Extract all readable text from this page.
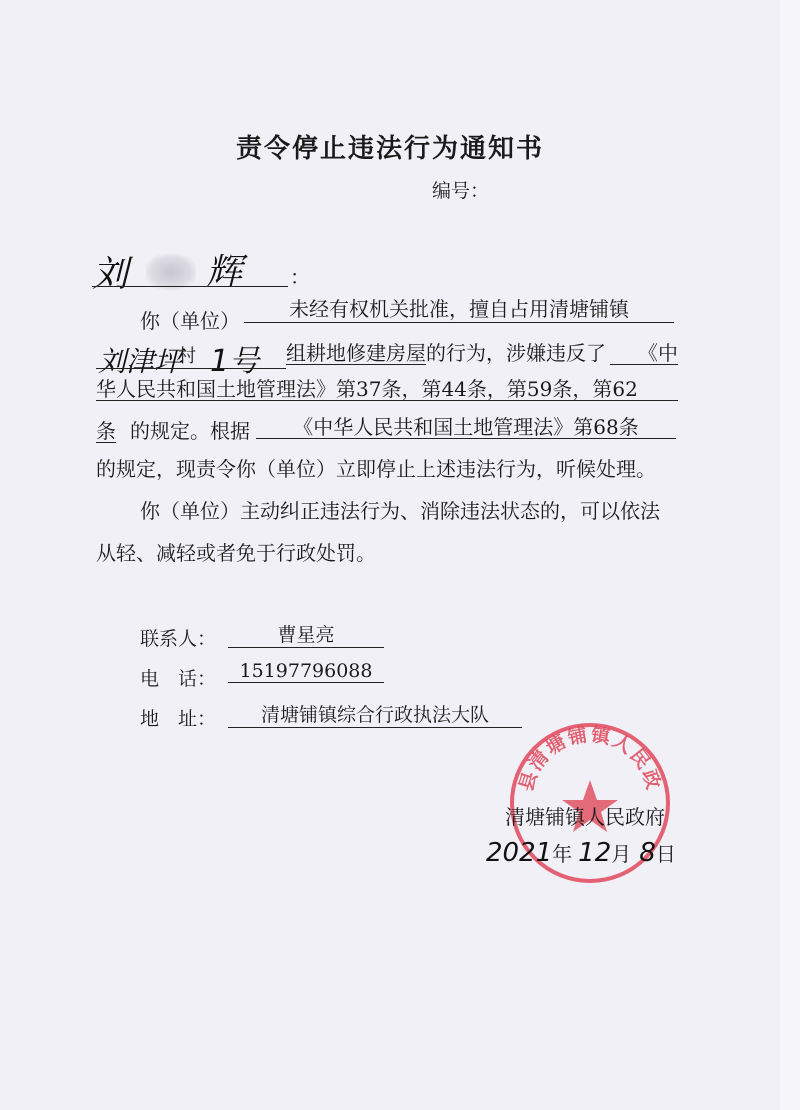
责令停止违法行为通知书
编号：
刘 辉 ：
你（单位）	未经有权机关批准，擅自占用清塘铺镇
刘津坪
村 1号 组耕地修建房屋 的行为，涉嫌违反了	《中
华人民共和国土地管理法》第37条，第44条，第59条，第62
条 的规定。根据	《中华人民共和国土地管理法》第68条
的规定，现责令你（单位）立即停止上述违法行为，听候处理。
你（单位）主动纠正违法行为、消除违法状态的，可以依法
从轻、减轻或者免于行政处罚。
联系人：	曹星亮
电　话：	15197796088
地　址：	清塘铺镇综合行政执法大队
县清塘铺镇人民政
清塘铺镇人民政府
2021年 12月 8日
